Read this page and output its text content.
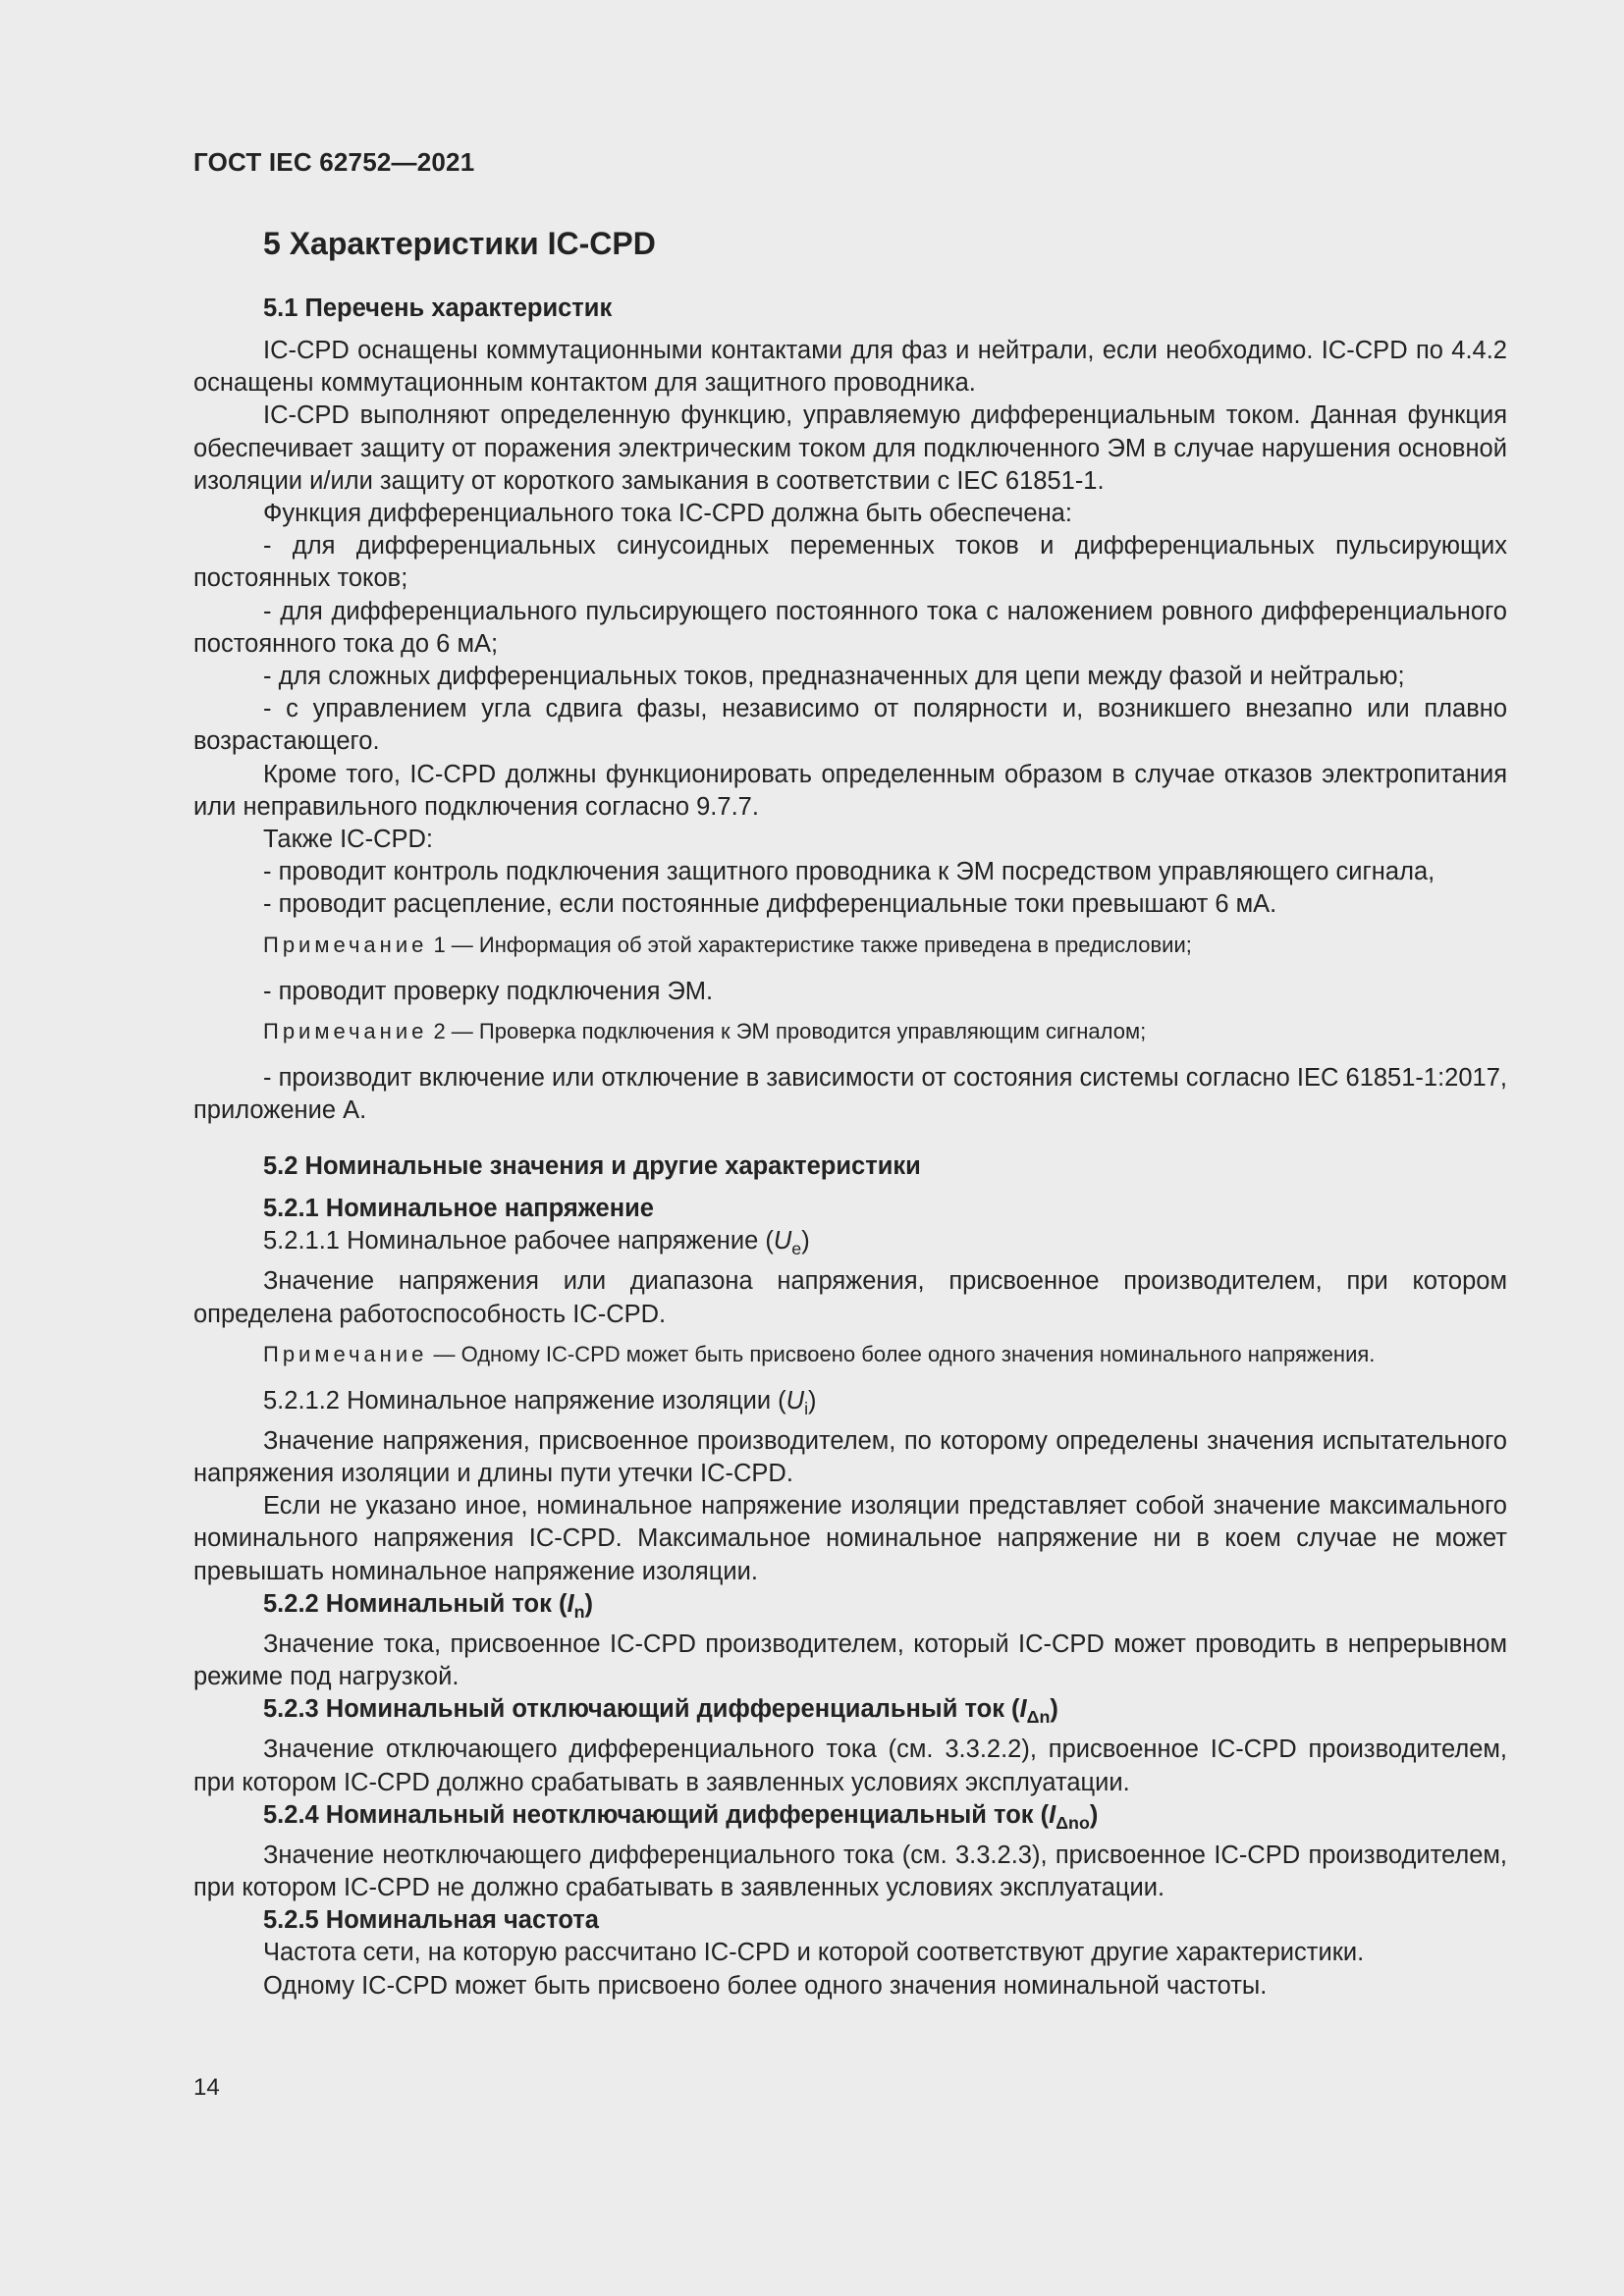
ГОСТ IEC 62752—2021
5 Характеристики IC-CPD
5.1 Перечень характеристик

IC-CPD оснащены коммутационными контактами для фаз и нейтрали, если необходимо. IC-CPD по 4.4.2 оснащены коммутационным контактом для защитного проводника.

IC-CPD выполняют определенную функцию, управляемую дифференциальным током. Данная функция обеспечивает защиту от поражения электрическим током для подключенного ЭМ в случае нарушения основной изоляции и/или защиту от короткого замыкания в соответствии с IEC 61851-1.

Функция дифференциального тока IC-CPD должна быть обеспечена:

- для дифференциальных синусоидных переменных токов и дифференциальных пульсирующих постоянных токов;

- для дифференциального пульсирующего постоянного тока с наложением ровного дифференциального постоянного тока до 6 мА;

- для сложных дифференциальных токов, предназначенных для цепи между фазой и нейтралью;

- с управлением угла сдвига фазы, независимо от полярности и, возникшего внезапно или плавно возрастающего.

Кроме того, IC-CPD должны функционировать определенным образом в случае отказов электропитания или неправильного подключения согласно 9.7.7.

Также IC-CPD:

- проводит контроль подключения защитного проводника к ЭМ посредством управляющего сигнала,

- проводит расцепление, если постоянные дифференциальные токи превышают 6 мА.

Примечание 1 — Информация об этой характеристике также приведена в предисловии;

- проводит проверку подключения ЭМ.

Примечание 2 — Проверка подключения к ЭМ проводится управляющим сигналом;

- производит включение или отключение в зависимости от состояния системы согласно IEC 61851-1:2017, приложение А.

5.2 Номинальные значения и другие характеристики
5.2.1 Номинальное напряжение
5.2.1.1 Номинальное рабочее напряжение $(U_e)$

Значение напряжения или диапазона напряжения, присвоенное производителем, при котором определена работоспособность IC-CPD.

Примечание — Одному IC-CPD может быть присвоено более одного значения номинального напряжения.
5.2.1.2 Номинальное напряжение изоляции $(U_i)$

Значение напряжения, присвоенное производителем, по которому определены значения испытательного напряжения изоляции и длины пути утечки IC-CPD.

Если не указано иное, номинальное напряжение изоляции представляет собой значение максимального номинального напряжения IC-CPD. Максимальное номинальное напряжение ни в коем случае не может превышать номинальное напряжение изоляции.

5.2.2 Номинальный ток $(I_n)$

Значение тока, присвоенное IC-CPD производителем, который IC-CPD может проводить в непрерывном режиме под нагрузкой.

5.2.3 Номинальный отключающий дифференциальный ток $(I_{\Delta n})$

Значение отключающего дифференциального тока (см. 3.3.2.2), присвоенное IC-CPD производителем, при котором IC-CPD должно срабатывать в заявленных условиях эксплуатации.

5.2.4 Номинальный неотключающий дифференциальный ток $(I_{\Delta no})$

Значение неотключающего дифференциального тока (см. 3.3.2.3), присвоенное IC-CPD производителем, при котором IC-CPD не должно срабатывать в заявленных условиях эксплуатации.

5.2.5 Номинальная частота

Частота сети, на которую рассчитано IC-CPD и которой соответствуют другие характеристики.

Одному IC-CPD может быть присвоено более одного значения номинальной частоты.

14
